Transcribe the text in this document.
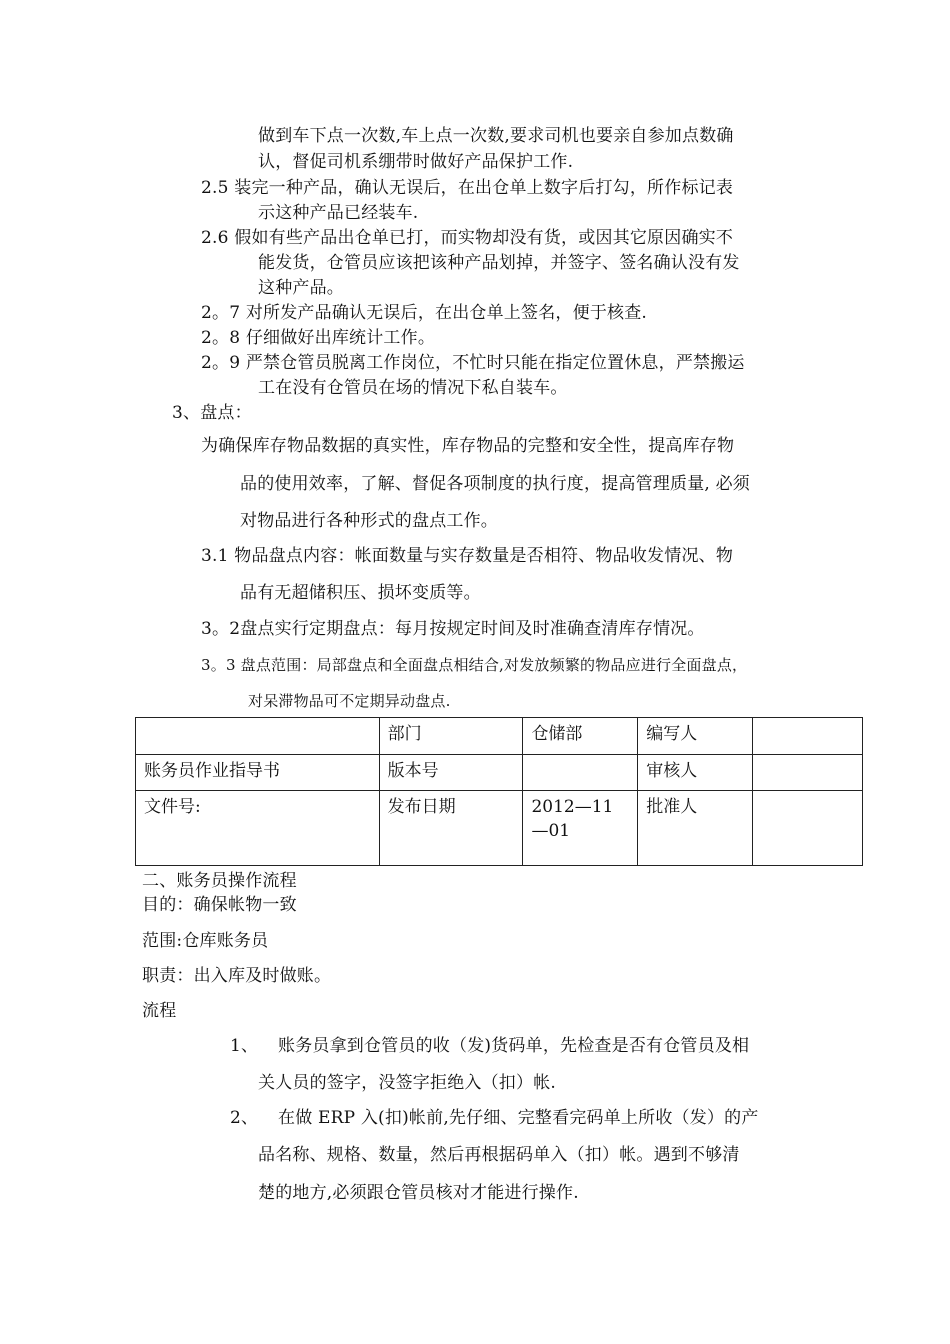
做到车下点一次数,车上点一次数,要求司机也要亲自参加点数确
认，督促司机系绷带时做好产品保护工作.
2.5 装完一种产品，确认无误后，在出仓单上数字后打勾，所作标记表
示这种产品已经装车.
2.6 假如有些产品出仓单已打，而实物却没有货，或因其它原因确实不
能发货，仓管员应该把该种产品划掉，并签字、签名确认没有发
这种产品。
2。7 对所发产品确认无误后，在出仓单上签名，便于核查.
2。8 仔细做好出库统计工作。
2。9 严禁仓管员脱离工作岗位，不忙时只能在指定位置休息，严禁搬运
工在没有仓管员在场的情况下私自装车。
3、盘点：
为确保库存物品数据的真实性，库存物品的完整和安全性，提高库存物
品的使用效率，了解、督促各项制度的执行度，提高管理质量, 必须
对物品进行各种形式的盘点工作。
3.1 物品盘点内容：帐面数量与实存数量是否相符、物品收发情况、物
品有无超储积压、损坏变质等。
3。2盘点实行定期盘点：每月按规定时间及时准确查清库存情况。
3。3 盘点范围：局部盘点和全面盘点相结合,对发放频繁的物品应进行全面盘点，
对呆滞物品可不定期异动盘点.
	部门	仓储部	编写人	
账务员作业指导书	版本号		审核人	
文件号:	发布日期	2012—11—01	批准人	
二、账务员操作流程
目的：确保帐物一致
范围:仓库账务员
职责：出入库及时做账。
流程
1、 账务员拿到仓管员的收（发)货码单，先检查是否有仓管员及相
关人员的签字，没签字拒绝入（扣）帐.
2、 在做 ERP 入(扣)帐前,先仔细、完整看完码单上所收（发）的产
品名称、规格、数量，然后再根据码单入（扣）帐。遇到不够清
楚的地方,必须跟仓管员核对才能进行操作.
